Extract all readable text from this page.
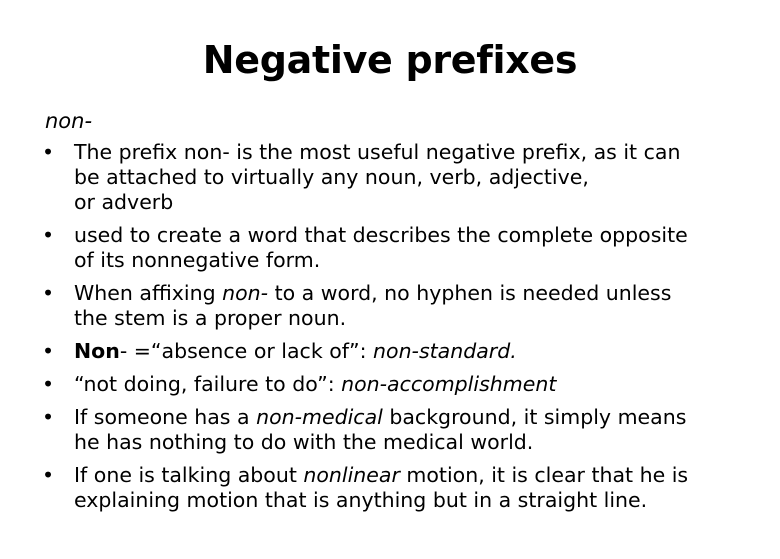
Negative prefixes
non-
• The prefix non- is the most useful negative prefix, as it can
be attached to virtually any noun, verb, adjective,
or adverb
• used to create a word that describes the complete opposite
of its nonnegative form.
• When affixing non- to a word, no hyphen is needed unless
the stem is a proper noun.
• Non- =“absence or lack of”: non-standard.
• “not doing, failure to do”: non-accomplishment
• If someone has a non-medical background, it simply means
he has nothing to do with the medical world.
• If one is talking about nonlinear motion, it is clear that he is
explaining motion that is anything but in a straight line.
